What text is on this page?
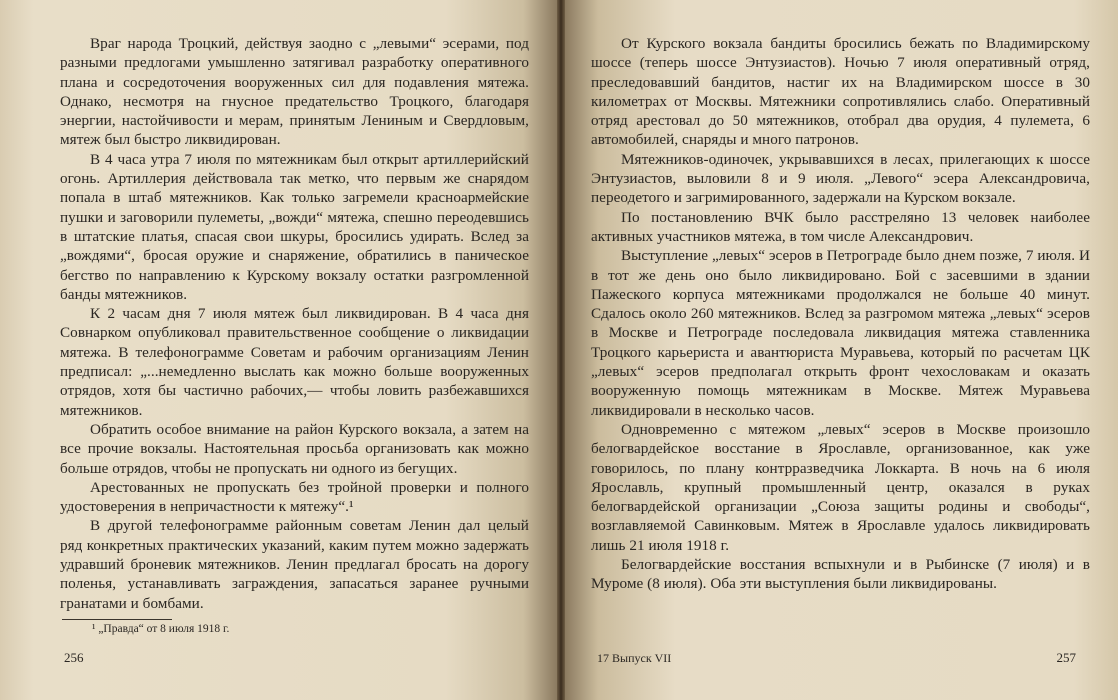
Враг народа Троцкий, действуя заодно с „левыми“ эсерами, под разными предлогами умышленно затягивал разработку оперативного плана и сосредоточения вооруженных сил для подавления мятежа. Однако, несмотря на гнусное предательство Троцкого, благодаря энергии, настойчивости и мерам, принятым Лениным и Свердловым, мятеж был быстро ликвидирован.

В 4 часа утра 7 июля по мятежникам был открыт артиллерийский огонь. Артиллерия действовала так метко, что первым же снарядом попала в штаб мятежников. Как только загремели красноармейские пушки и заговорили пулеметы, „вожди“ мятежа, спешно переодевшись в штатские платья, спасая свои шкуры, бросились удирать. Вслед за „вождями“, бросая оружие и снаряжение, обратились в паническое бегство по направлению к Курскому вокзалу остатки разгромленной банды мятежников.

К 2 часам дня 7 июля мятеж был ликвидирован. В 4 часа дня Совнарком опубликовал правительственное сообщение о ликвидации мятежа. В телефонограмме Советам и рабочим организациям Ленин предписал: „...немедленно выслать как можно больше вооруженных отрядов, хотя бы частично рабочих,— чтобы ловить разбежавшихся мятежников.

Обратить особое внимание на район Курского вокзала, а затем на все прочие вокзалы. Настоятельная просьба организовать как можно больше отрядов, чтобы не пропускать ни одного из бегущих.

Арестованных не пропускать без тройной проверки и полного удостоверения в непричастности к мятежу“.¹

В другой телефонограмме районным советам Ленин дал целый ряд конкретных практических указаний, каким путем можно задержать удравший броневик мятежников. Ленин предлагал бросать на дорогу поленья, устанавливать заграждения, запасаться заранее ручными гранатами и бомбами.

¹ „Правда“ от 8 июля 1918 г.

256

От Курского вокзала бандиты бросились бежать по Владимирскому шоссе (теперь шоссе Энтузиастов). Ночью 7 июля оперативный отряд, преследовавший бандитов, настиг их на Владимирском шоссе в 30 километрах от Москвы. Мятежники сопротивлялись слабо. Оперативный отряд арестовал до 50 мятежников, отобрал два орудия, 4 пулемета, 6 автомобилей, снаряды и много патронов.

Мятежников-одиночек, укрывавшихся в лесах, прилегающих к шоссе Энтузиастов, выловили 8 и 9 июля. „Левого“ эсера Александровича, переодетого и загримированного, задержали на Курском вокзале.

По постановлению ВЧК было расстреляно 13 человек наиболее активных участников мятежа, в том числе Александрович.

Выступление „левых“ эсеров в Петрограде было днем позже, 7 июля. И в тот же день оно было ликвидировано. Бой с засевшими в здании Пажеского корпуса мятежниками продолжался не больше 40 минут. Сдалось около 260 мятежников. Вслед за разгромом мятежа „левых“ эсеров в Москве и Петрограде последовала ликвидация мятежа ставленника Троцкого карьериста и авантюриста Муравьева, который по расчетам ЦК „левых“ эсеров предполагал открыть фронт чехословакам и оказать вооруженную помощь мятежникам в Москве. Мятеж Муравьева ликвидировали в несколько часов.

Одновременно с мятежом „левых“ эсеров в Москве произошло белогвардейское восстание в Ярославле, организованное, как уже говорилось, по плану контрразведчика Локкарта. В ночь на 6 июля Ярославль, крупный промышленный центр, оказался в руках белогвардейской организации „Союза защиты родины и свободы“, возглавляемой Савинковым. Мятеж в Ярославле удалось ликвидировать лишь 21 июля 1918 г.

Белогвардейские восстания вспыхнули и в Рыбинске (7 июля) и в Муроме (8 июля). Оба эти выступления были ликвидированы.

17 Выпуск VII	257
